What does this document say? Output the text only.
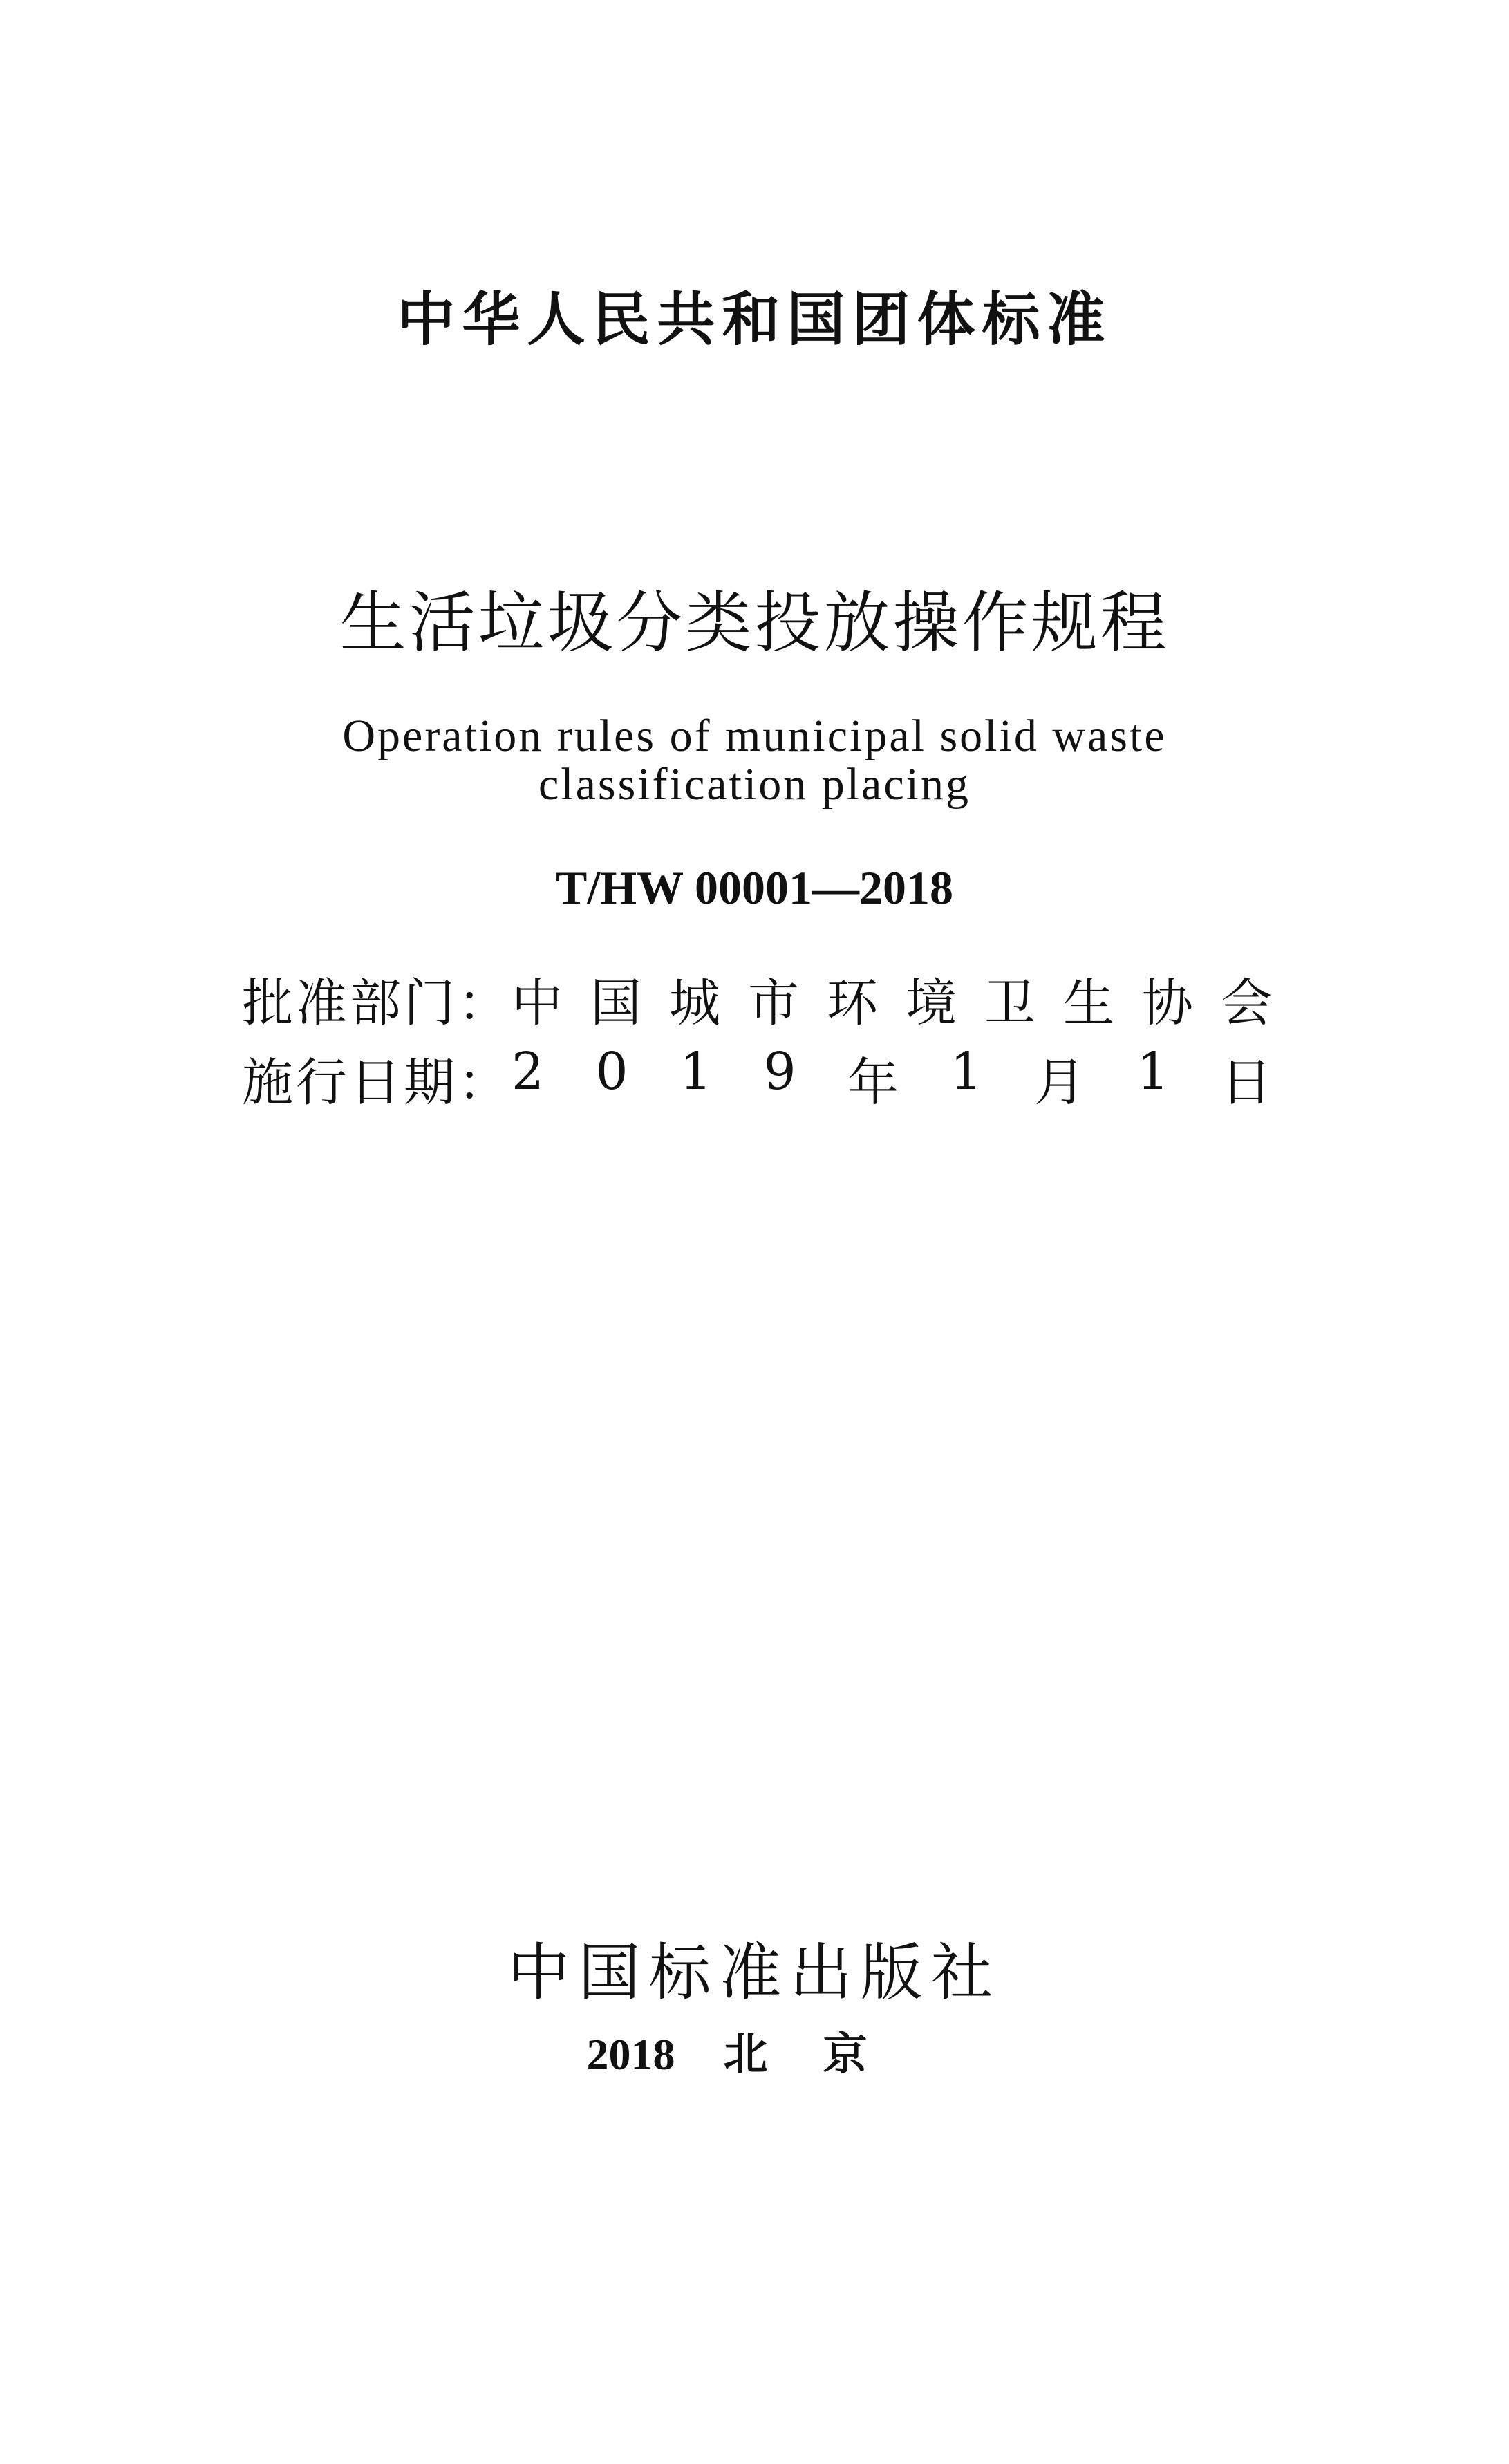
中华人民共和国团体标准
生活垃圾分类投放操作规程
Operation rules of municipal solid waste
classification placing
T/HW 00001—2018
批准部门： 中 国 城 市 环 境 卫 生 协 会
施行日期： 2 0 1 9 年 1 月 1 日
中国标准出版社
2018 北京
